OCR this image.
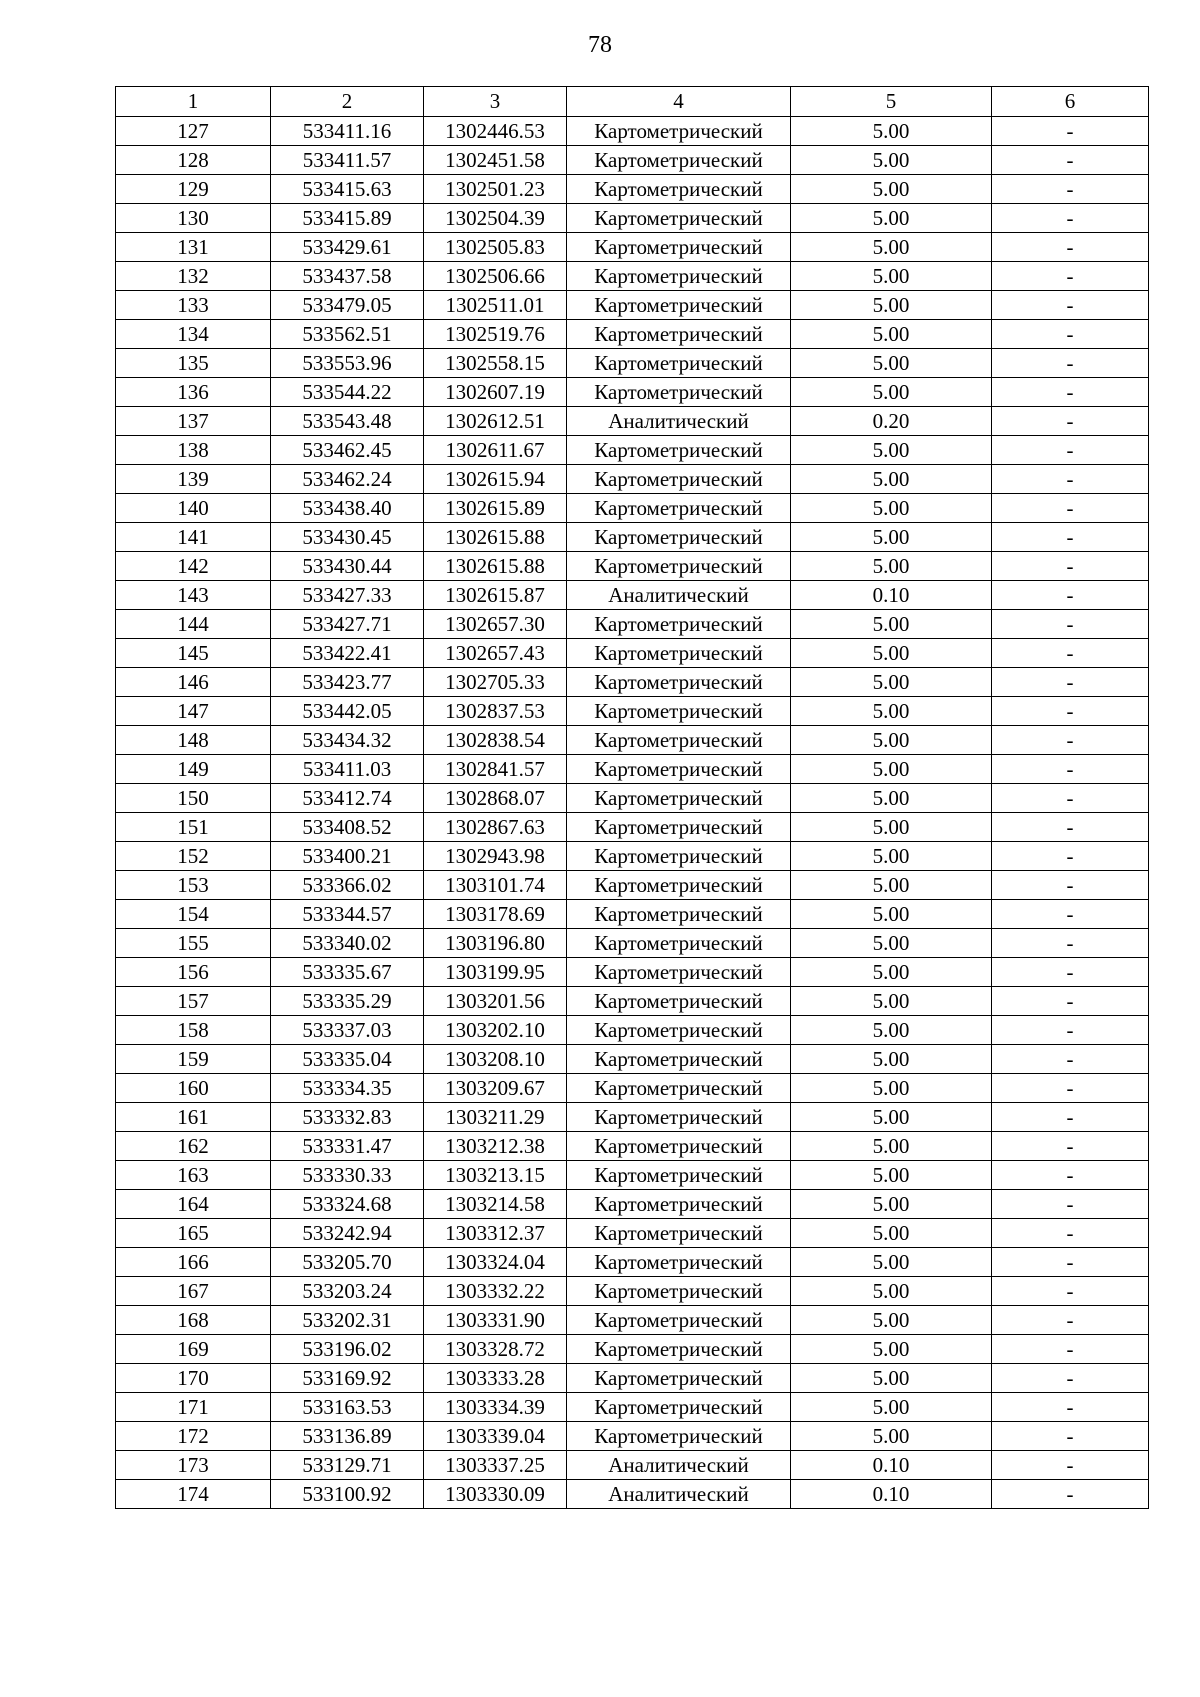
78
1	2	3	4	5	6
127	533411.16	1302446.53	Картометрический	5.00	-
128	533411.57	1302451.58	Картометрический	5.00	-
129	533415.63	1302501.23	Картометрический	5.00	-
130	533415.89	1302504.39	Картометрический	5.00	-
131	533429.61	1302505.83	Картометрический	5.00	-
132	533437.58	1302506.66	Картометрический	5.00	-
133	533479.05	1302511.01	Картометрический	5.00	-
134	533562.51	1302519.76	Картометрический	5.00	-
135	533553.96	1302558.15	Картометрический	5.00	-
136	533544.22	1302607.19	Картометрический	5.00	-
137	533543.48	1302612.51	Аналитический	0.20	-
138	533462.45	1302611.67	Картометрический	5.00	-
139	533462.24	1302615.94	Картометрический	5.00	-
140	533438.40	1302615.89	Картометрический	5.00	-
141	533430.45	1302615.88	Картометрический	5.00	-
142	533430.44	1302615.88	Картометрический	5.00	-
143	533427.33	1302615.87	Аналитический	0.10	-
144	533427.71	1302657.30	Картометрический	5.00	-
145	533422.41	1302657.43	Картометрический	5.00	-
146	533423.77	1302705.33	Картометрический	5.00	-
147	533442.05	1302837.53	Картометрический	5.00	-
148	533434.32	1302838.54	Картометрический	5.00	-
149	533411.03	1302841.57	Картометрический	5.00	-
150	533412.74	1302868.07	Картометрический	5.00	-
151	533408.52	1302867.63	Картометрический	5.00	-
152	533400.21	1302943.98	Картометрический	5.00	-
153	533366.02	1303101.74	Картометрический	5.00	-
154	533344.57	1303178.69	Картометрический	5.00	-
155	533340.02	1303196.80	Картометрический	5.00	-
156	533335.67	1303199.95	Картометрический	5.00	-
157	533335.29	1303201.56	Картометрический	5.00	-
158	533337.03	1303202.10	Картометрический	5.00	-
159	533335.04	1303208.10	Картометрический	5.00	-
160	533334.35	1303209.67	Картометрический	5.00	-
161	533332.83	1303211.29	Картометрический	5.00	-
162	533331.47	1303212.38	Картометрический	5.00	-
163	533330.33	1303213.15	Картометрический	5.00	-
164	533324.68	1303214.58	Картометрический	5.00	-
165	533242.94	1303312.37	Картометрический	5.00	-
166	533205.70	1303324.04	Картометрический	5.00	-
167	533203.24	1303332.22	Картометрический	5.00	-
168	533202.31	1303331.90	Картометрический	5.00	-
169	533196.02	1303328.72	Картометрический	5.00	-
170	533169.92	1303333.28	Картометрический	5.00	-
171	533163.53	1303334.39	Картометрический	5.00	-
172	533136.89	1303339.04	Картометрический	5.00	-
173	533129.71	1303337.25	Аналитический	0.10	-
174	533100.92	1303330.09	Аналитический	0.10	-
